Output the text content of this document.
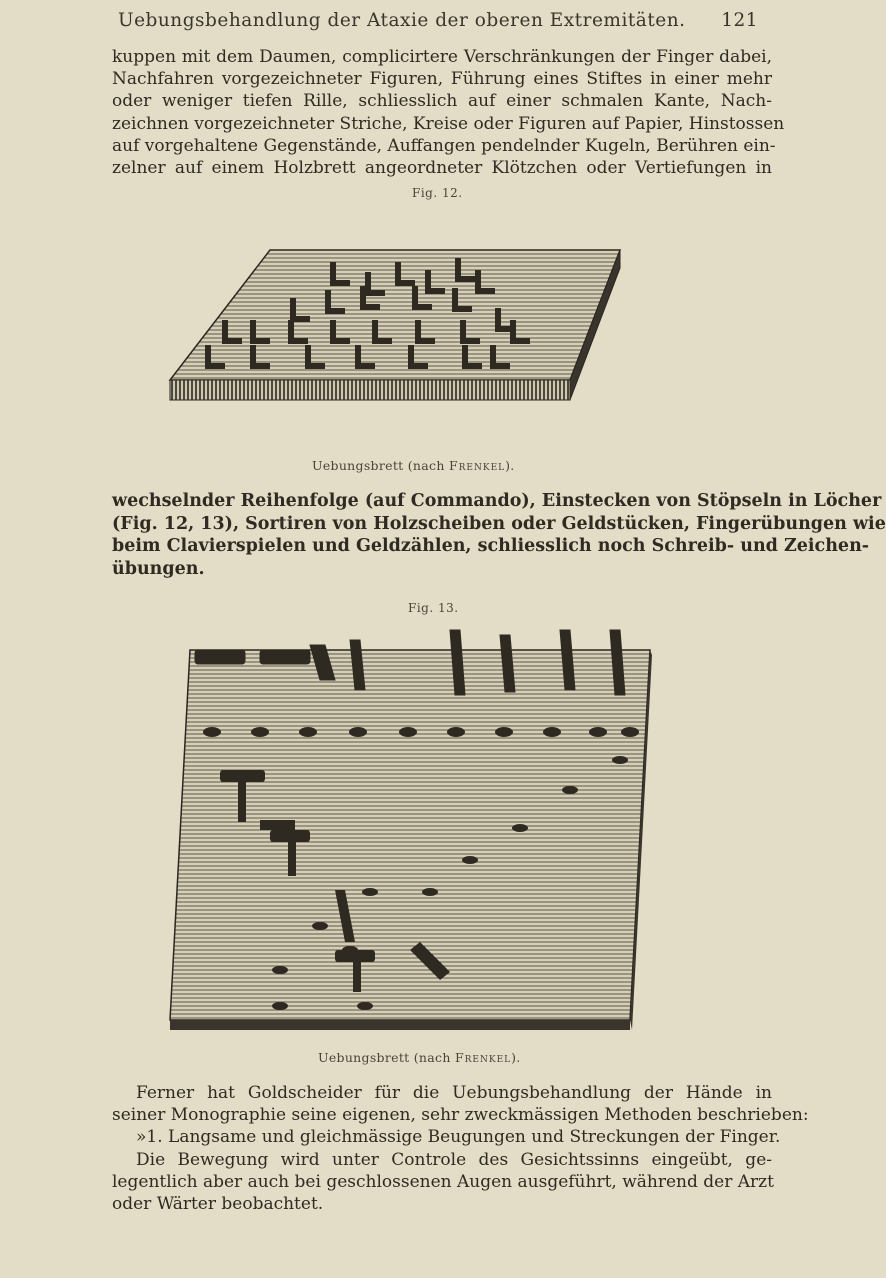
Uebungsbehandlung der Ataxie der oberen Extremitäten. 121
kuppen mit dem Daumen, complicirtere Verschränkungen der Finger dabei,
Nachfahren vorgezeichneter Figuren, Führung eines Stiftes in einer mehr
oder weniger tiefen Rille, schliesslich auf einer schmalen Kante, Nach-
zeichnen vorgezeichneter Striche, Kreise oder Figuren auf Papier, Hinstossen
auf vorgehaltene Gegenstände, Auffangen pendelnder Kugeln, Berühren ein-
zelner auf einem Holzbrett angeordneter Klötzchen oder Vertiefungen in
Fig. 12.
Uebungsbrett (nach Frenkel).
wechselnder Reihenfolge (auf Commando), Einstecken von Stöpseln in Löcher
(Fig. 12, 13), Sortiren von Holzscheiben oder Geldstücken, Fingerübungen wie
beim Clavierspielen und Geldzählen, schliesslich noch Schreib- und Zeichen-
übungen.
Fig. 13.
Uebungsbrett (nach Frenkel).
Ferner hat Goldscheider für die Uebungsbehandlung der Hände in
seiner Monographie seine eigenen, sehr zweckmässigen Methoden beschrieben:
»1. Langsame und gleichmässige Beugungen und Streckungen der Finger.
Die Bewegung wird unter Controle des Gesichtssinns eingeübt, ge-
legentlich aber auch bei geschlossenen Augen ausgeführt, während der Arzt
oder Wärter beobachtet.
